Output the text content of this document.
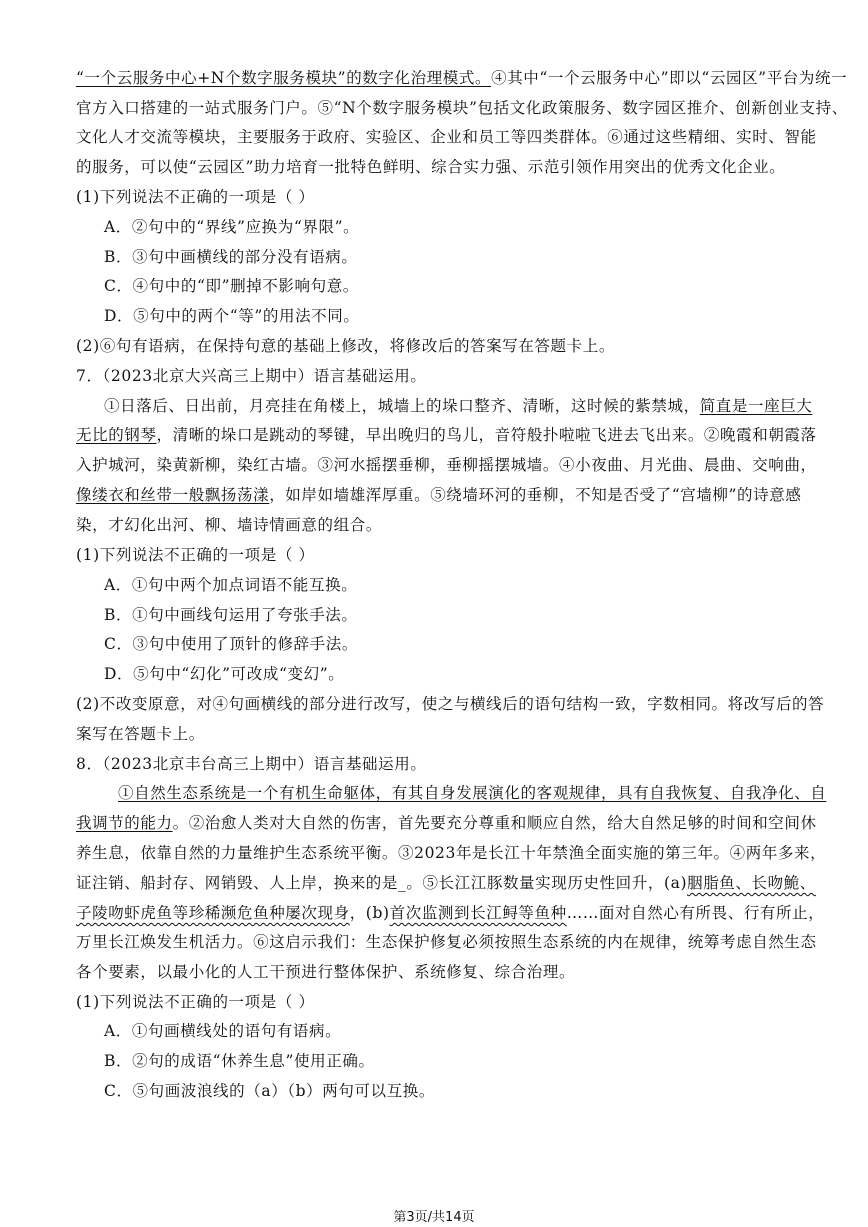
“一个云服务中心+N个数字服务模块”的数字化治理模式。④其中“一个云服务中心”即以“云园区”平台为统一
官方入口搭建的一站式服务门户。⑤“N个数字服务模块”包括文化政策服务、数字园区推介、创新创业支持、
文化人才交流等模块，主要服务于政府、实验区、企业和员工等四类群体。⑥通过这些精细、实时、智能
的服务，可以使“云园区”助力培育一批特色鲜明、综合实力强、示范引领作用突出的优秀文化企业。
(1)下列说法不正确的一项是（ ）
A．②句中的“界线”应换为“界限”。
B．③句中画横线的部分没有语病。
C．④句中的“即”删掉不影响句意。
D．⑤句中的两个“等”的用法不同。
(2)⑥句有语病，在保持句意的基础上修改，将修改后的答案写在答题卡上。
7．（2023北京大兴高三上期中）语言基础运用。
①日落后、日出前，月亮挂在角楼上，城墙上的垛口整齐、清晰，这时候的紫禁城，简直是一座巨大
无比的钢琴，清晰的垛口是跳动的琴键，早出晚归的鸟儿，音符般扑啦啦飞进去飞出来。②晚霞和朝霞落
入护城河，染黄新柳，染红古墙。③河水摇摆垂柳，垂柳摇摆城墙。④小夜曲、月光曲、晨曲、交响曲，
像缕衣和丝带一般飘扬荡漾，如岸如墙雄浑厚重。⑤绕墙环河的垂柳，不知是否受了“宫墙柳”的诗意感
染，才幻化出河、柳、墙诗情画意的组合。
(1)下列说法不正确的一项是（ ）
A．①句中两个加点词语不能互换。
B．①句中画线句运用了夸张手法。
C．③句中使用了顶针的修辞手法。
D．⑤句中“幻化”可改成“变幻”。
(2)不改变原意，对④句画横线的部分进行改写，使之与横线后的语句结构一致，字数相同。将改写后的答
案写在答题卡上。
8．（2023北京丰台高三上期中）语言基础运用。
①自然生态系统是一个有机生命躯体，有其自身发展演化的客观规律，具有自我恢复、自我净化、自
我调节的能力。②治愈人类对大自然的伤害，首先要充分尊重和顺应自然，给大自然足够的时间和空间休
养生息，依靠自然的力量维护生态系统平衡。③2023年是长江十年禁渔全面实施的第三年。④两年多来，
证注销、船封存、网销毁、人上岸，换来的是_。⑤长江江豚数量实现历史性回升，(a)胭脂鱼、长吻鮠、
子陵吻虾虎鱼等珍稀濒危鱼种屡次现身，(b)首次监测到长江鲟等鱼种……面对自然心有所畏、行有所止，
万里长江焕发生机活力。⑥这启示我们：生态保护修复必须按照生态系统的内在规律，统筹考虑自然生态
各个要素，以最小化的人工干预进行整体保护、系统修复、综合治理。
(1)下列说法不正确的一项是（ ）
A．①句画横线处的语句有语病。
B．②句的成语“休养生息”使用正确。
C．⑤句画波浪线的（a）（b）两句可以互换。
第3页/共14页
